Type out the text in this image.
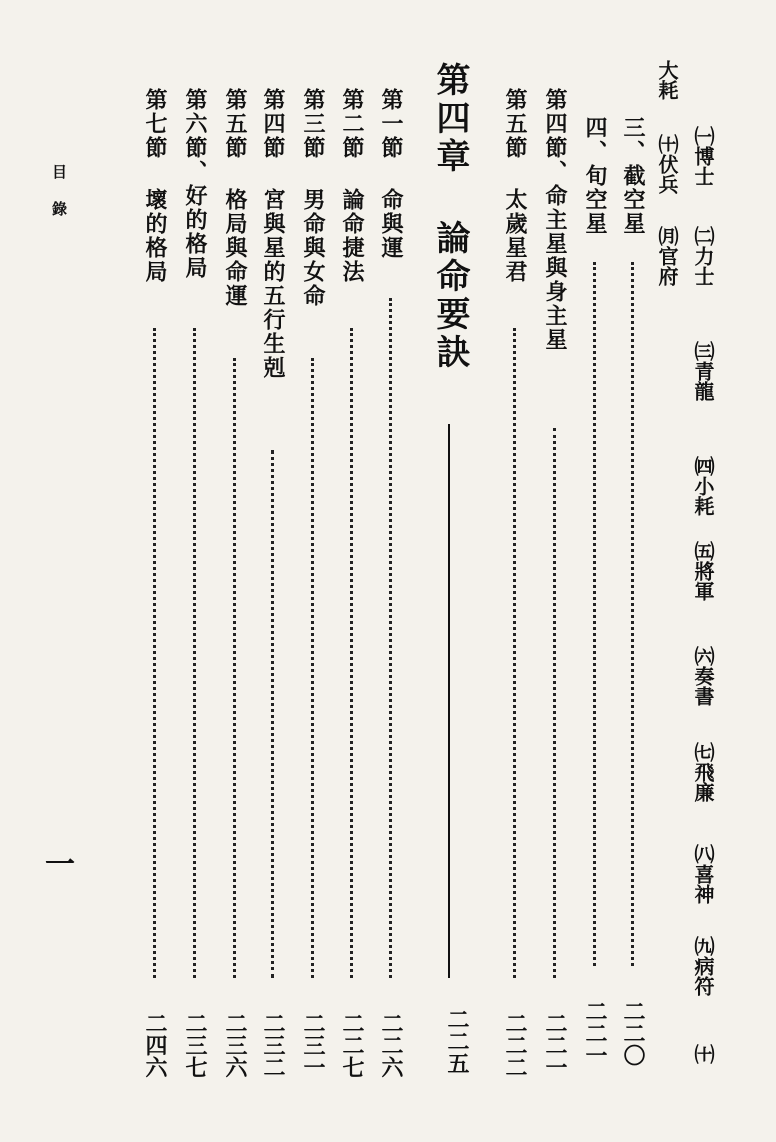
目錄
一
㈠博士
㈡力士
㈢青龍
㈣小耗
㈤將軍
㈥奏書
㈦飛廉
㈧喜神
㈨病符
㈩
大耗
㈩伏兵
㈪官府
三、截空星
二二〇
四、旬空星
二二一
第四節、命主星與身主星
二二一
第五節 太歲星君
二二二
第四章 論命要訣
二二五
第一節 命與運
二二六
第二節 論命捷法
二二七
第三節 男命與女命
二三一
第四節 宮與星的五行生剋
二三二
第五節 格局與命運
二三六
第六節、好的格局
二三七
第七節 壞的格局
二四六
